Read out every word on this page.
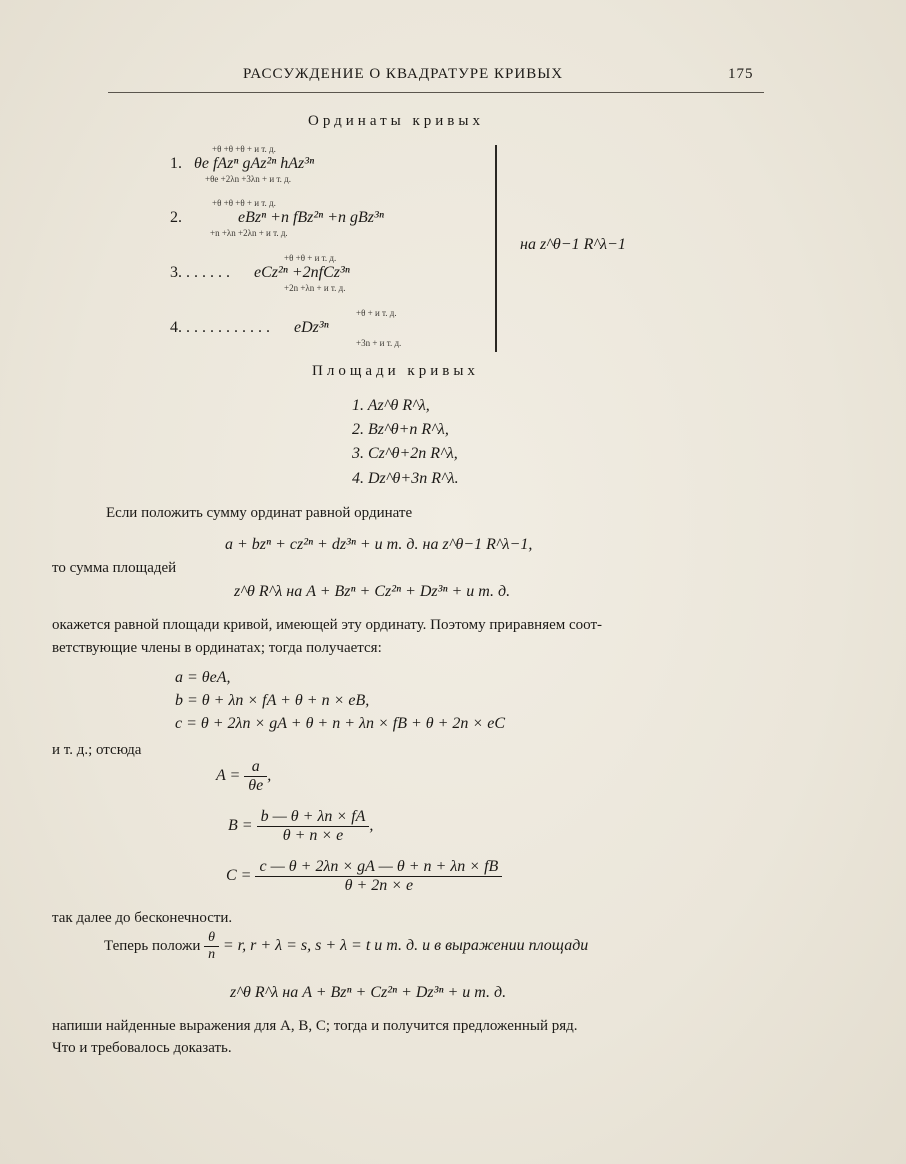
РАССУЖДЕНИЕ О КВАДРАТУРЕ КРИВЫХ	175
Ординаты кривых
+θ +θ +θ + и т. д.
1. θe fAzⁿ gAz²ⁿ hAz³ⁿ
+θe +2λn +3λn + и т. д.
+θ +θ +θ + и т. д.
2.	eBzⁿ +n fBz²ⁿ +n gBz³ⁿ
+n +λn +2λn + и т. д.
на z^θ−1 R^λ−1
+θ +θ + и т. д.
3. . . . . . . eCz²ⁿ +2nfCz³ⁿ
+2n +λn + и т. д.
+θ + и т. д.
4. . . . . . . . . . . . eDz³ⁿ
+3n + и т. д.
Площади кривых
1. Az^θ R^λ,
2. Bz^θ+n R^λ,
3. Cz^θ+2n R^λ,
4. Dz^θ+3n R^λ.
Если положить сумму ординат равной ординате
a + bzⁿ + cz²ⁿ + dz³ⁿ + и т. д. на z^θ−1 R^λ−1,
то сумма площадей
z^θ R^λ на A + Bzⁿ + Cz²ⁿ + Dz³ⁿ + и т. д.
окажется равной площади кривой, имеющей эту ординату. Поэтому приравняем соот-
ветствующие члены в ординатах; тогда получается:
a = θeA,
b = θ + λn × fA + θ + n × eB,
c = θ + 2λn × gA + θ + n + λn × fB + θ + 2n × eC
и т. д.; отсюда
$A = \frac{a}{\theta e}$ ,
$B = \frac{b — \theta + \lambda n \times fA}{\theta + n \times e}$ ,
$C = \frac{c — \theta + 2\lambda n \times gA — \theta + n + \lambda n \times fB}{\theta + 2n \times e}$
так далее до бесконечности.
Теперь положи $\frac{\theta}{n} = r$, r + λ = s, s + λ = t и т. д. и в выражении площади
z^θ R^λ на A + Bzⁿ + Cz²ⁿ + Dz³ⁿ + и т. д.
напиши найденные выражения для A, B, C; тогда и получится предложенный ряд.
Что и требовалось доказать.
